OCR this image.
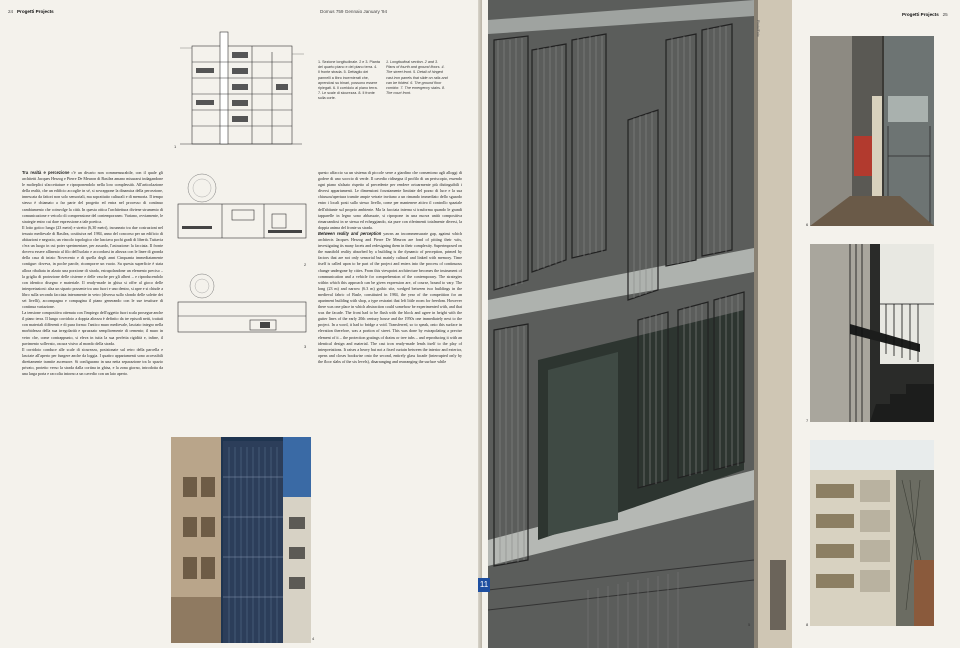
24 Progetti Projects	Domus 759 Gennaio January '94
1
1. Sezione longitudinale. 2 e 3. Pianta del quarto piano e del piano terra. 4. Il fronte strada. 5. Dettaglio dei pannelli a libro incernierati che, aprendosi su binari, possono essere ripiegati. 6. Il corridoio al piano terra. 7. Le scale di sicurezza. 8. Il fronte sulla corte.
1. Longitudinal section. 2 and 3. Plans of fourth and ground floors. 4. The street front. 5. Detail of hinged cast iron panels that slide on rails and can be folded. 6. The ground floor corridor. 7. The emergency stairs. 8. The court front.
Tra realtà e percezione c'è un divario non commensurabile, con il quale gli architetti Jacques Herzog e Pierre De Meuron di Basilea amano misurarsi indagandone le molteplici sfaccettature e riproponendolo nella loro complessità. All'articolazione della realtà, che un edificio accoglie in sé, si sovrappone la dinamica della percezione, innescata da fattori non solo sensoriali, ma soprattutto culturali e di memoria. Il tempo stesso è chiamato a far parte del progetto ed entra nel processo di continuo cambiamento che coinvolge la città. In questa ottica l'architettura diviene strumento di comunicazione e veicolo di comprensione del contemporaneo. Variano, ovviamente, le strategie entro cui dare espressione a tale poetica.
Il lotto gotico lungo (23 metri) e stretto (6,30 metri), incuneato tra due costruzioni nel tessuto medievale di Basilea, costituiva nel 1984, anno del concorso per un edificio di abitazioni e negozio, un vincolo topologico che lasciava pochi gradi di libertà. Tuttavia c'era un luogo in cui poter sperimentare, per assurdo, l'astrazione: la facciata. Il fronte doveva essere allineato al filo dell'isolato e accordarsi in altezza con le linee di gronda della casa di inizio Novecento e di quella degli anni Cinquanta immediatamente contigue: doveva, in poche parole, ricomporre un vuoto. Su questa superficie è stata allora ribaltata in alzato una porzione di strada, estrapolandone un elemento preciso – la griglia di protezione delle cisterne e delle vasche per gli alberi – e riproducendolo con identico disegno e materiale. Il ready-made in ghisa si offre al gioco delle interpretazioni: alza un sipario possente tra uno fuori e uno dentro, si apre e si chiude a libro sulla seconda facciata interamente in vetro (diversa sullo sfondo delle solette dei sei livelli), accompagna e compagina il piano generando con le sue tessiture di continua variazione.
La tensione compositiva ottenuta con l'impiego dell'oggetto fuori scala prosegue anche il piano terra. Il lungo corridoio a doppia altezza è definito da tre episodi netti, trattati con materiali differenti e di pura forma: l'antico muro medievale, lasciato integro nella morbidezza della sua irregolarità e spruzzato semplicemente di cemento; il muro in vetro che, come contrappunto, si eleva in tutta la sua perfetta rigidità e, infine, il pavimento sollevato, oscura visivo al mondo della strada.
Il corridoio conduce alle scale di sicurezza, posizionate sul retro della parcella e lasciate all'aperto per fungere anche da loggia. I quattro appartamenti sono accessibili direttamente tramite ascensore. Si configurano in una netta separazione tra lo spazio privato, protetto verso la strada dalla cortina in ghisa, e la zona giorno, introdotta da una larga porta e raccolta intorno a un cavedio con un lato aperto.
2
3
4
questo affaccio su un sistema di piccole serre a giardino che consentono agli alloggi di godere di uno scorcio di verde. Il cavedio ridisegna il profilo di un periscopio, essendo ogni piano sfalsato rispetto al precedente per rendere ortoarmente più distinguibili i diversi appartamenti. Le dimensioni forzatamente limitate del pozzo di luce e la sua chiusura/apertura tramite ampie vetrate invitano a un rimando immediato dello sguardo entro i locali posti sullo stesso livello, come per mantenere attivo il controllo spaziale dell'abitante sul proprio ambiente. Ma la facciata interna si trasforma quando le grandi tapparelle in legno sono abbassate, si ripropone in una nuova unità compositiva rimarcandosi in se stessa ed echeggiando, sia pure con riferimenti totalmente diversi, la doppia anima del fronte su strada.
Between reality and perception yawns an incommensurate gap, against which architects Jacques Herzog and Pierre De Meuron are fond of pitting their wits, investigating its many facets and redesigning them in their complexity. Superimposed on the manifold reality absorbed by a building is the dynamic of perception, primed by factors that are not only sensorial but mainly cultural and linked with memory. Time itself is called upon to be part of the project and enters into the process of continuous change undergone by cities. From this viewpoint architecture becomes the instrument of communication and a vehicle for comprehension of the contemporary. The strategies within which this approach can be given expression are, of course, bound to vary. The long (23 m) and narrow (6.3 m) gothic site, wedged between two buildings in the medieval fabric of Basle, constituted in 1984, the year of the competition for an apartment building with shop, a type restraint that left little room for freedom. However there was one place in which abstraction could somehow be experimented with, and that was the facade. The front had to be flush with the block and agree in height with the gutter lines of the early 20th century house and the 1950s one immediately next to the project. In a word, it had to bridge a void. Transferred, so to speak, onto this surface in elevation therefore, was a portion of street. This was done by extrapolating a precise element of it – the protection gratings of drains or tree tubs – and reproducing it with an identical design and material. The cast iron ready-made lends itself to the play of interpretations. It raises a heavy but not a fixed curtain between the interior and exterior, opens and closes bookwise onto the second, entirely glass facade (interrupted only by the floor slabs of the six levels), disarranging and rearranging the surface while
Progetti Projects 25
11
Photo/Foto
6
7
8
5
